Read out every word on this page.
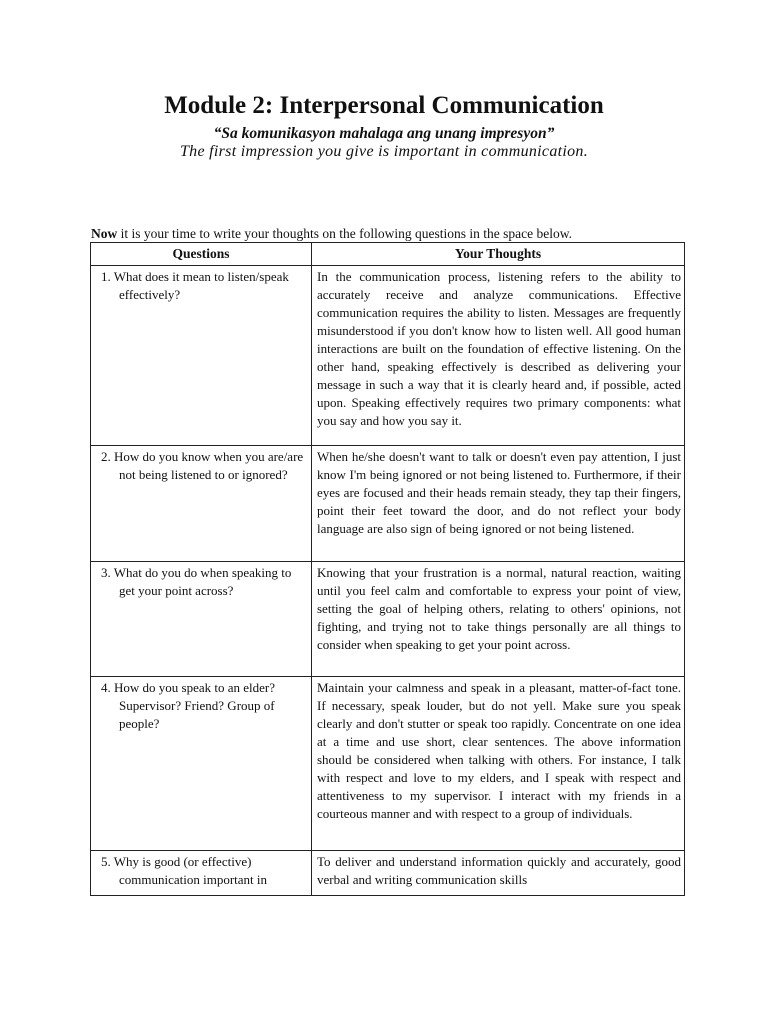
Module 2: Interpersonal Communication
“Sa komunikasyon mahalaga ang unang impresyon”
The first impression you give is important in communication.
Now it is your time to write your thoughts on the following questions in the space below.
Questions	Your Thoughts

1. What does it mean to listen/speak effectively?	In the communication process, listening refers to the ability to accurately receive and analyze communications. Effective communication requires the ability to listen. Messages are frequently misunderstood if you don't know how to listen well. All good human interactions are built on the foundation of effective listening. On the other hand, speaking effectively is described as delivering your message in such a way that it is clearly heard and, if possible, acted upon. Speaking effectively requires two primary components: what you say and how you say it.

2. How do you know when you are/are not being listened to or ignored?	When he/she doesn't want to talk or doesn't even pay attention, I just know I'm being ignored or not being listened to. Furthermore, if their eyes are focused and their heads remain steady, they tap their fingers, point their feet toward the door, and do not reflect your body language are also sign of being ignored or not being listened.

3. What do you do when speaking to get your point across?	Knowing that your frustration is a normal, natural reaction, waiting until you feel calm and comfortable to express your point of view, setting the goal of helping others, relating to others' opinions, not fighting, and trying not to take things personally are all things to consider when speaking to get your point across.

4. How do you speak to an elder? Supervisor? Friend? Group of people?	Maintain your calmness and speak in a pleasant, matter-of-fact tone. If necessary, speak louder, but do not yell. Make sure you speak clearly and don't stutter or speak too rapidly. Concentrate on one idea at a time and use short, clear sentences. The above information should be considered when talking with others. For instance, I talk with respect and love to my elders, and I speak with respect and attentiveness to my supervisor. I interact with my friends in a courteous manner and with respect to a group of individuals.

5. Why is good (or effective) communication important in	To deliver and understand information quickly and accurately, good verbal and writing communication skills
